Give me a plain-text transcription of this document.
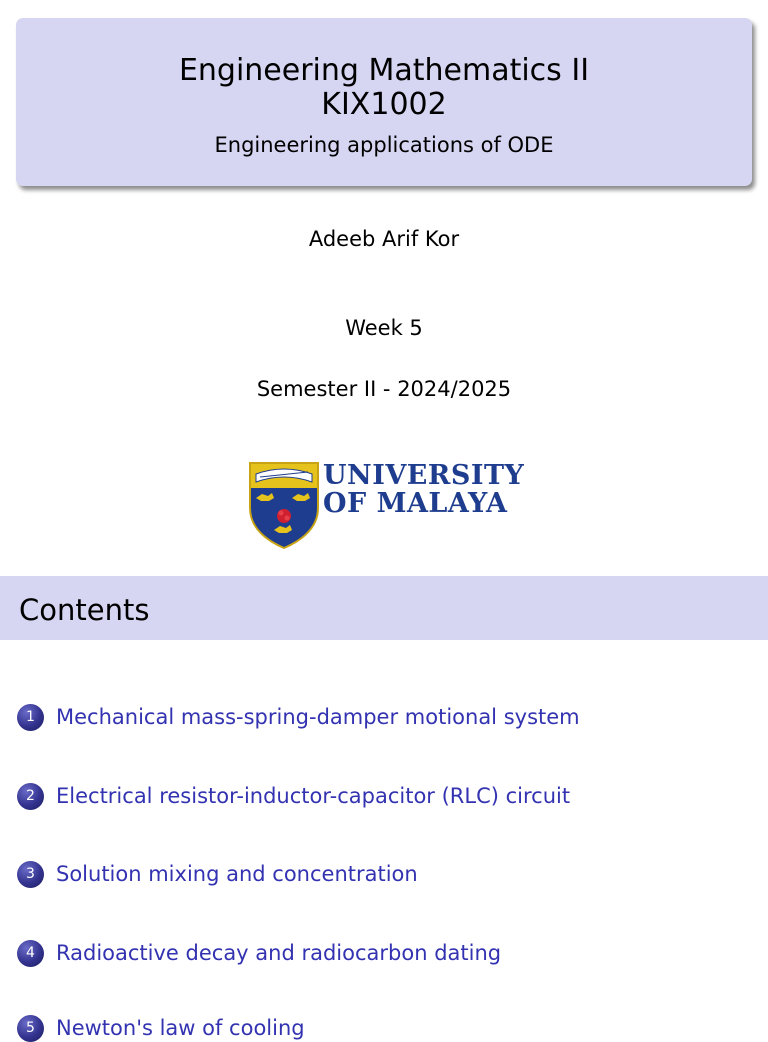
Engineering Mathematics II
KIX1002
Engineering applications of ODE
Adeeb Arif Kor
Week 5
Semester II - 2024/2025
UNIVERSITY
OF MALAYA
Contents
1	Mechanical mass-spring-damper motional system
2	Electrical resistor-inductor-capacitor (RLC) circuit
3	Solution mixing and concentration
4	Radioactive decay and radiocarbon dating
5	Newton's law of cooling
